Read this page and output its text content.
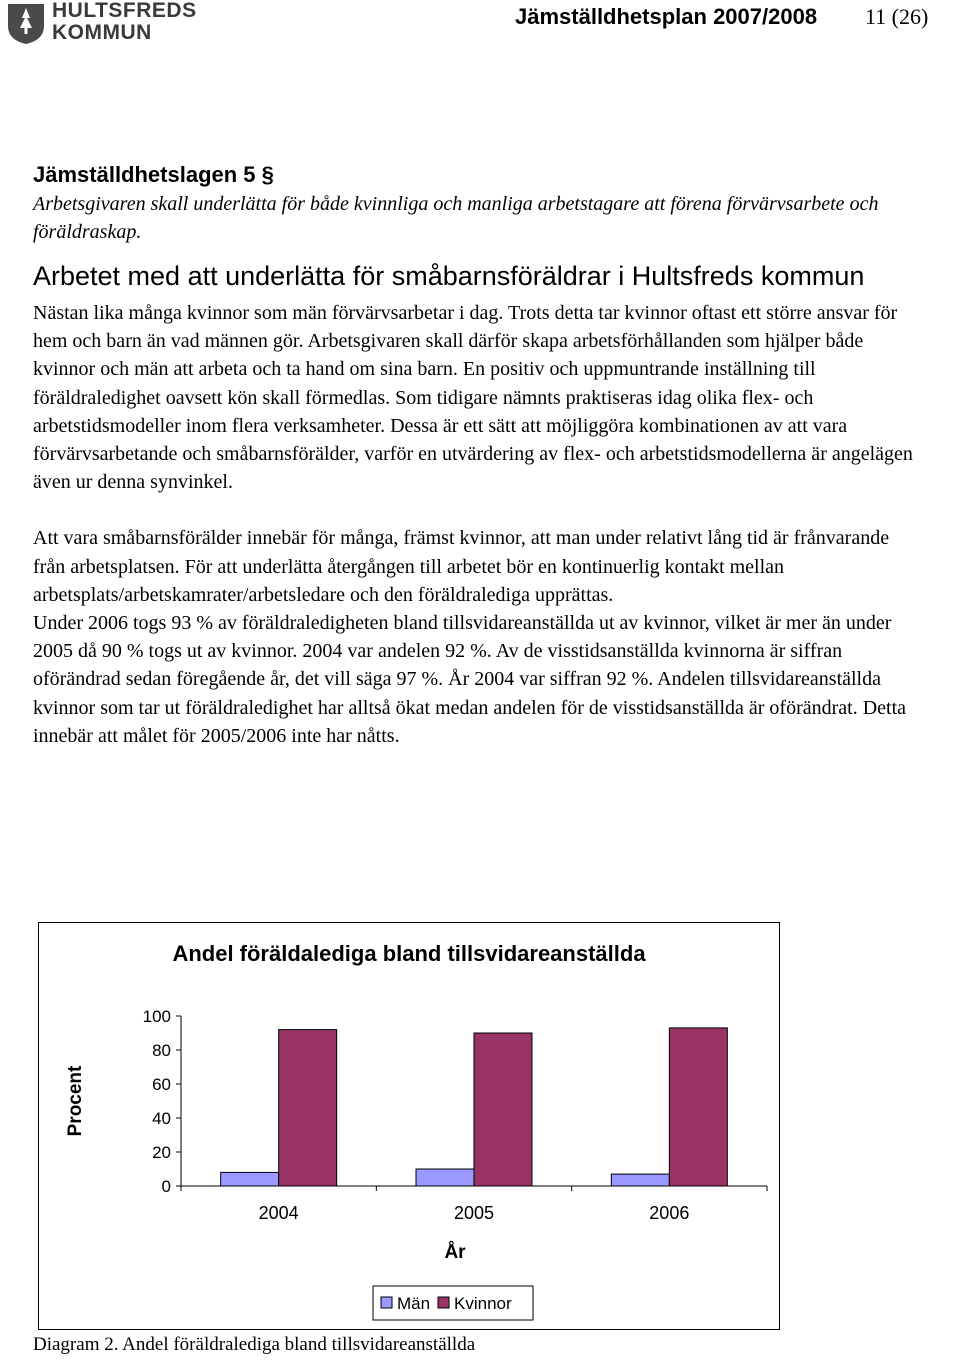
HULTSFREDS
KOMMUN
Jämställdhetsplan 2007/2008 11 (26)
Jämställdhetslagen 5 §

Arbetsgivaren skall underlätta för både kvinnliga och manliga arbetstagare att förena förvärvsarbete och föräldraskap.

Arbetet med att underlätta för småbarnsföräldrar i Hultsfreds kommun

Nästan lika många kvinnor som män förvärvsarbetar i dag. Trots detta tar kvinnor oftast ett större ansvar för hem och barn än vad männen gör. Arbetsgivaren skall därför skapa arbetsförhållanden som hjälper både kvinnor och män att arbeta och ta hand om sina barn. En positiv och uppmuntrande inställning till föräldraledighet oavsett kön skall förmedlas. Som tidigare nämnts praktiseras idag olika flex- och arbetstidsmodeller inom flera verksamheter. Dessa är ett sätt att möjliggöra kombinationen av att vara förvärvsarbetande och småbarnsförälder, varför en utvärdering av flex- och arbetstidsmodellerna är angelägen även ur denna synvinkel.

Att vara småbarnsförälder innebär för många, främst kvinnor, att man under relativt lång tid är frånvarande från arbetsplatsen. För att underlätta återgången till arbetet bör en kontinuerlig kontakt mellan arbetsplats/arbetskamrater/arbetsledare och den föräldralediga upprättas.

Under 2006 togs 93 % av föräldraledigheten bland tillsvidareanställda ut av kvinnor, vilket är mer än under 2005 då 90 % togs ut av kvinnor. 2004 var andelen 92 %. Av de visstidsanställda kvinnorna är siffran oförändrad sedan föregående år, det vill säga 97 %. År 2004 var siffran 92 %. Andelen tillsvidareanställda kvinnor som tar ut föräldraledighet har alltså ökat medan andelen för de visstidsanställda är oförändrat. Detta innebär att målet för 2005/2006 inte har nåtts.

Andel föräldalediga bland tillsvidareanställda
0
20
40
60
80
100
Procent
2004	2005	2006
År
Män Kvinnor
Diagram 2. Andel föräldralediga bland tillsvidareanställda
